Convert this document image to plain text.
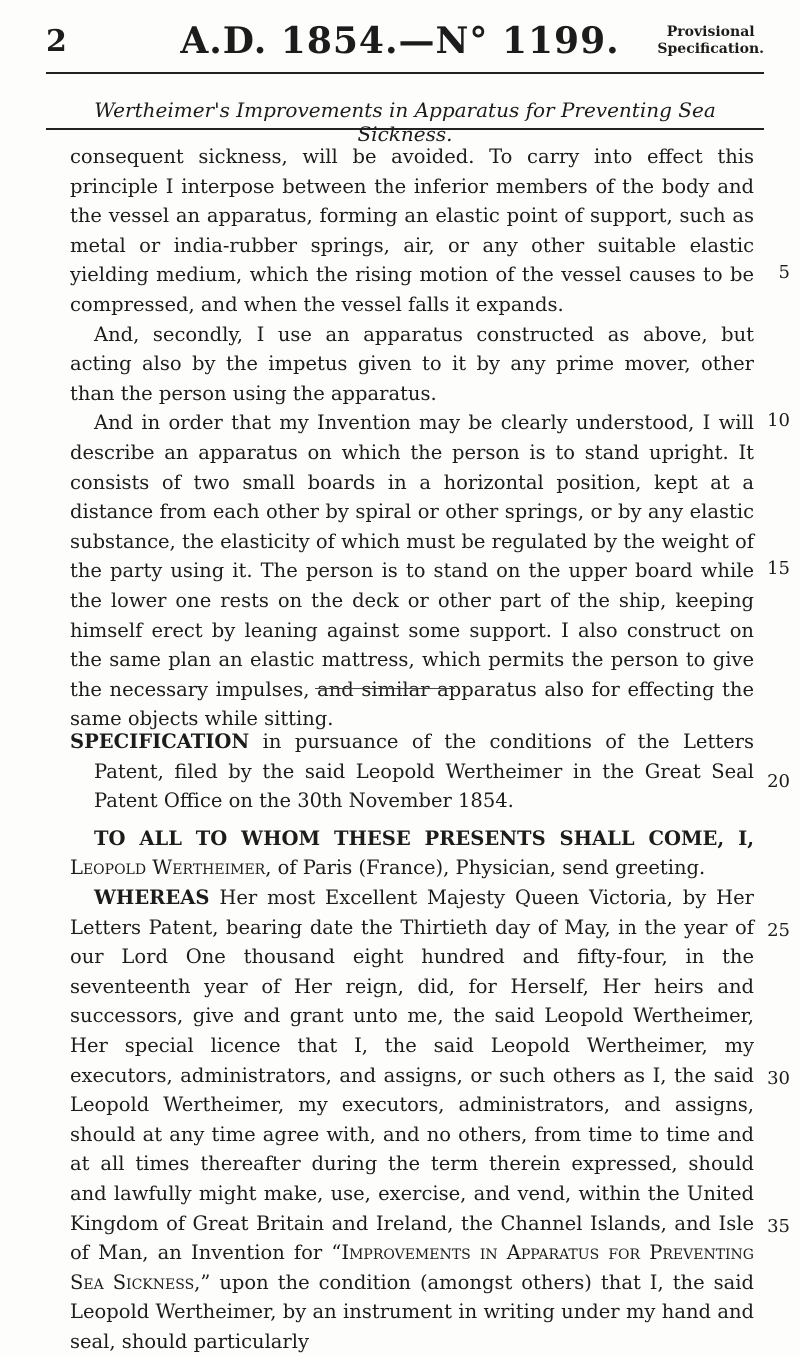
2	A.D. 1854.—N° 1199.	Provisional
Specification.
Wertheimer's Improvements in Apparatus for Preventing Sea Sickness.

consequent sickness, will be avoided. To carry into effect this principle I interpose between the inferior members of the body and the vessel an apparatus, forming an elastic point of support, such as metal or india-rubber springs, air, or any other suitable elastic yielding medium, which the rising motion of the vessel causes to be compressed, and when the vessel falls it expands.

And, secondly, I use an apparatus constructed as above, but acting also by the impetus given to it by any prime mover, other than the person using the apparatus.

And in order that my Invention may be clearly understood, I will describe an apparatus on which the person is to stand upright. It consists of two small boards in a horizontal position, kept at a distance from each other by spiral or other springs, or by any elastic substance, the elasticity of which must be regulated by the weight of the party using it. The person is to stand on the upper board while the lower one rests on the deck or other part of the ship, keeping himself erect by leaning against some support. I also construct on the same plan an elastic mattress, which permits the person to give the necessary impulses, and similar apparatus also for effecting the same objects while sitting.

SPECIFICATION in pursuance of the conditions of the Letters Patent, filed by the said Leopold Wertheimer in the Great Seal Patent Office on the 30th November 1854.

TO ALL TO WHOM THESE PRESENTS SHALL COME, I, Leopold Wertheimer, of Paris (France), Physician, send greeting.

WHEREAS Her most Excellent Majesty Queen Victoria, by Her Letters Patent, bearing date the Thirtieth day of May, in the year of our Lord One thousand eight hundred and fifty-four, in the seventeenth year of Her reign, did, for Herself, Her heirs and successors, give and grant unto me, the said Leopold Wertheimer, Her special licence that I, the said Leopold Wertheimer, my executors, administrators, and assigns, or such others as I, the said Leopold Wertheimer, my executors, administrators, and assigns, should at any time agree with, and no others, from time to time and at all times thereafter during the term therein expressed, should and lawfully might make, use, exercise, and vend, within the United Kingdom of Great Britain and Ireland, the Channel Islands, and Isle of Man, an Invention for “Improvements in Apparatus for Preventing Sea Sickness,” upon the condition (amongst others) that I, the said Leopold Wertheimer, by an instrument in writing under my hand and seal, should particularly

5
10
15
20
25
30
35
